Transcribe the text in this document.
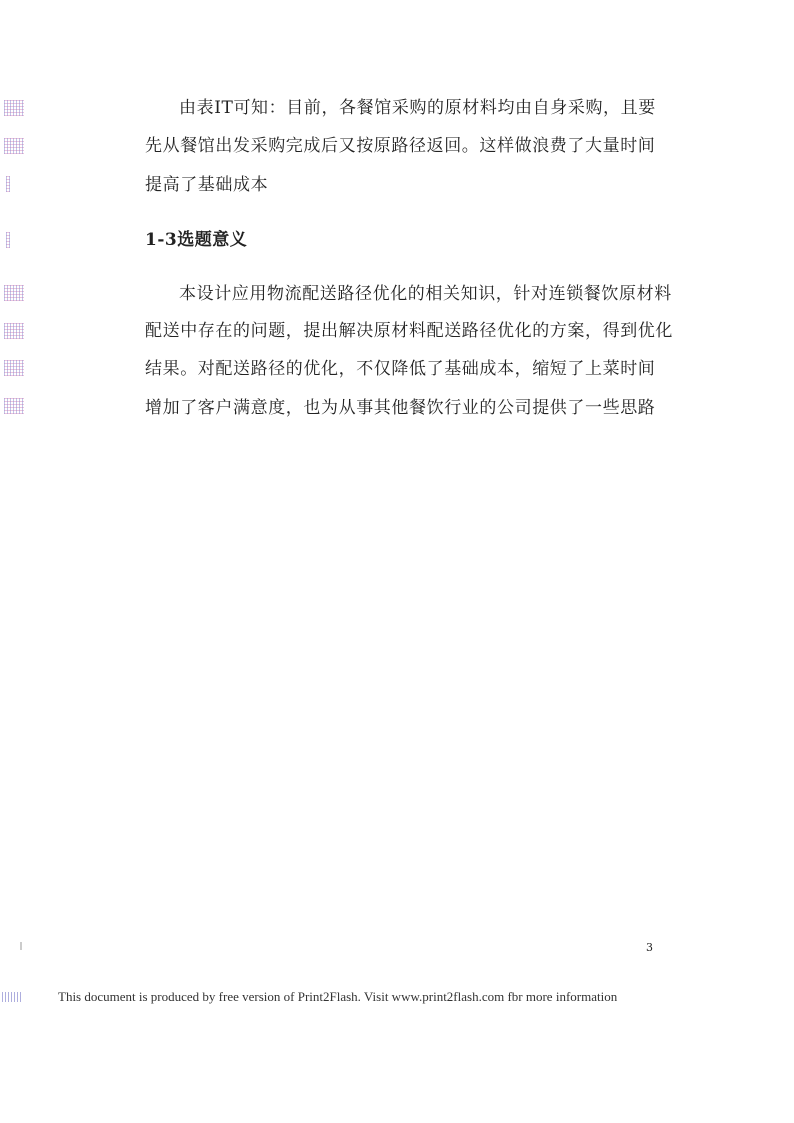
由表IT可知：目前，各餐馆采购的原材料均由自身采购，且要
先从餐馆出发采购完成后又按原路径返回。这样做浪费了大量时间
提高了基础成本
1-3选题意义
本设计应用物流配送路径优化的相关知识，针对连锁餐饮原材料
配送中存在的问题，提出解决原材料配送路径优化的方案，得到优化
结果。对配送路径的优化，不仅降低了基础成本，缩短了上菜时间
增加了客户满意度，也为从事其他餐饮行业的公司提供了一些思路
3
This document is produced by free version of Print2Flash. Visit www.print2flash.com fbr more information
